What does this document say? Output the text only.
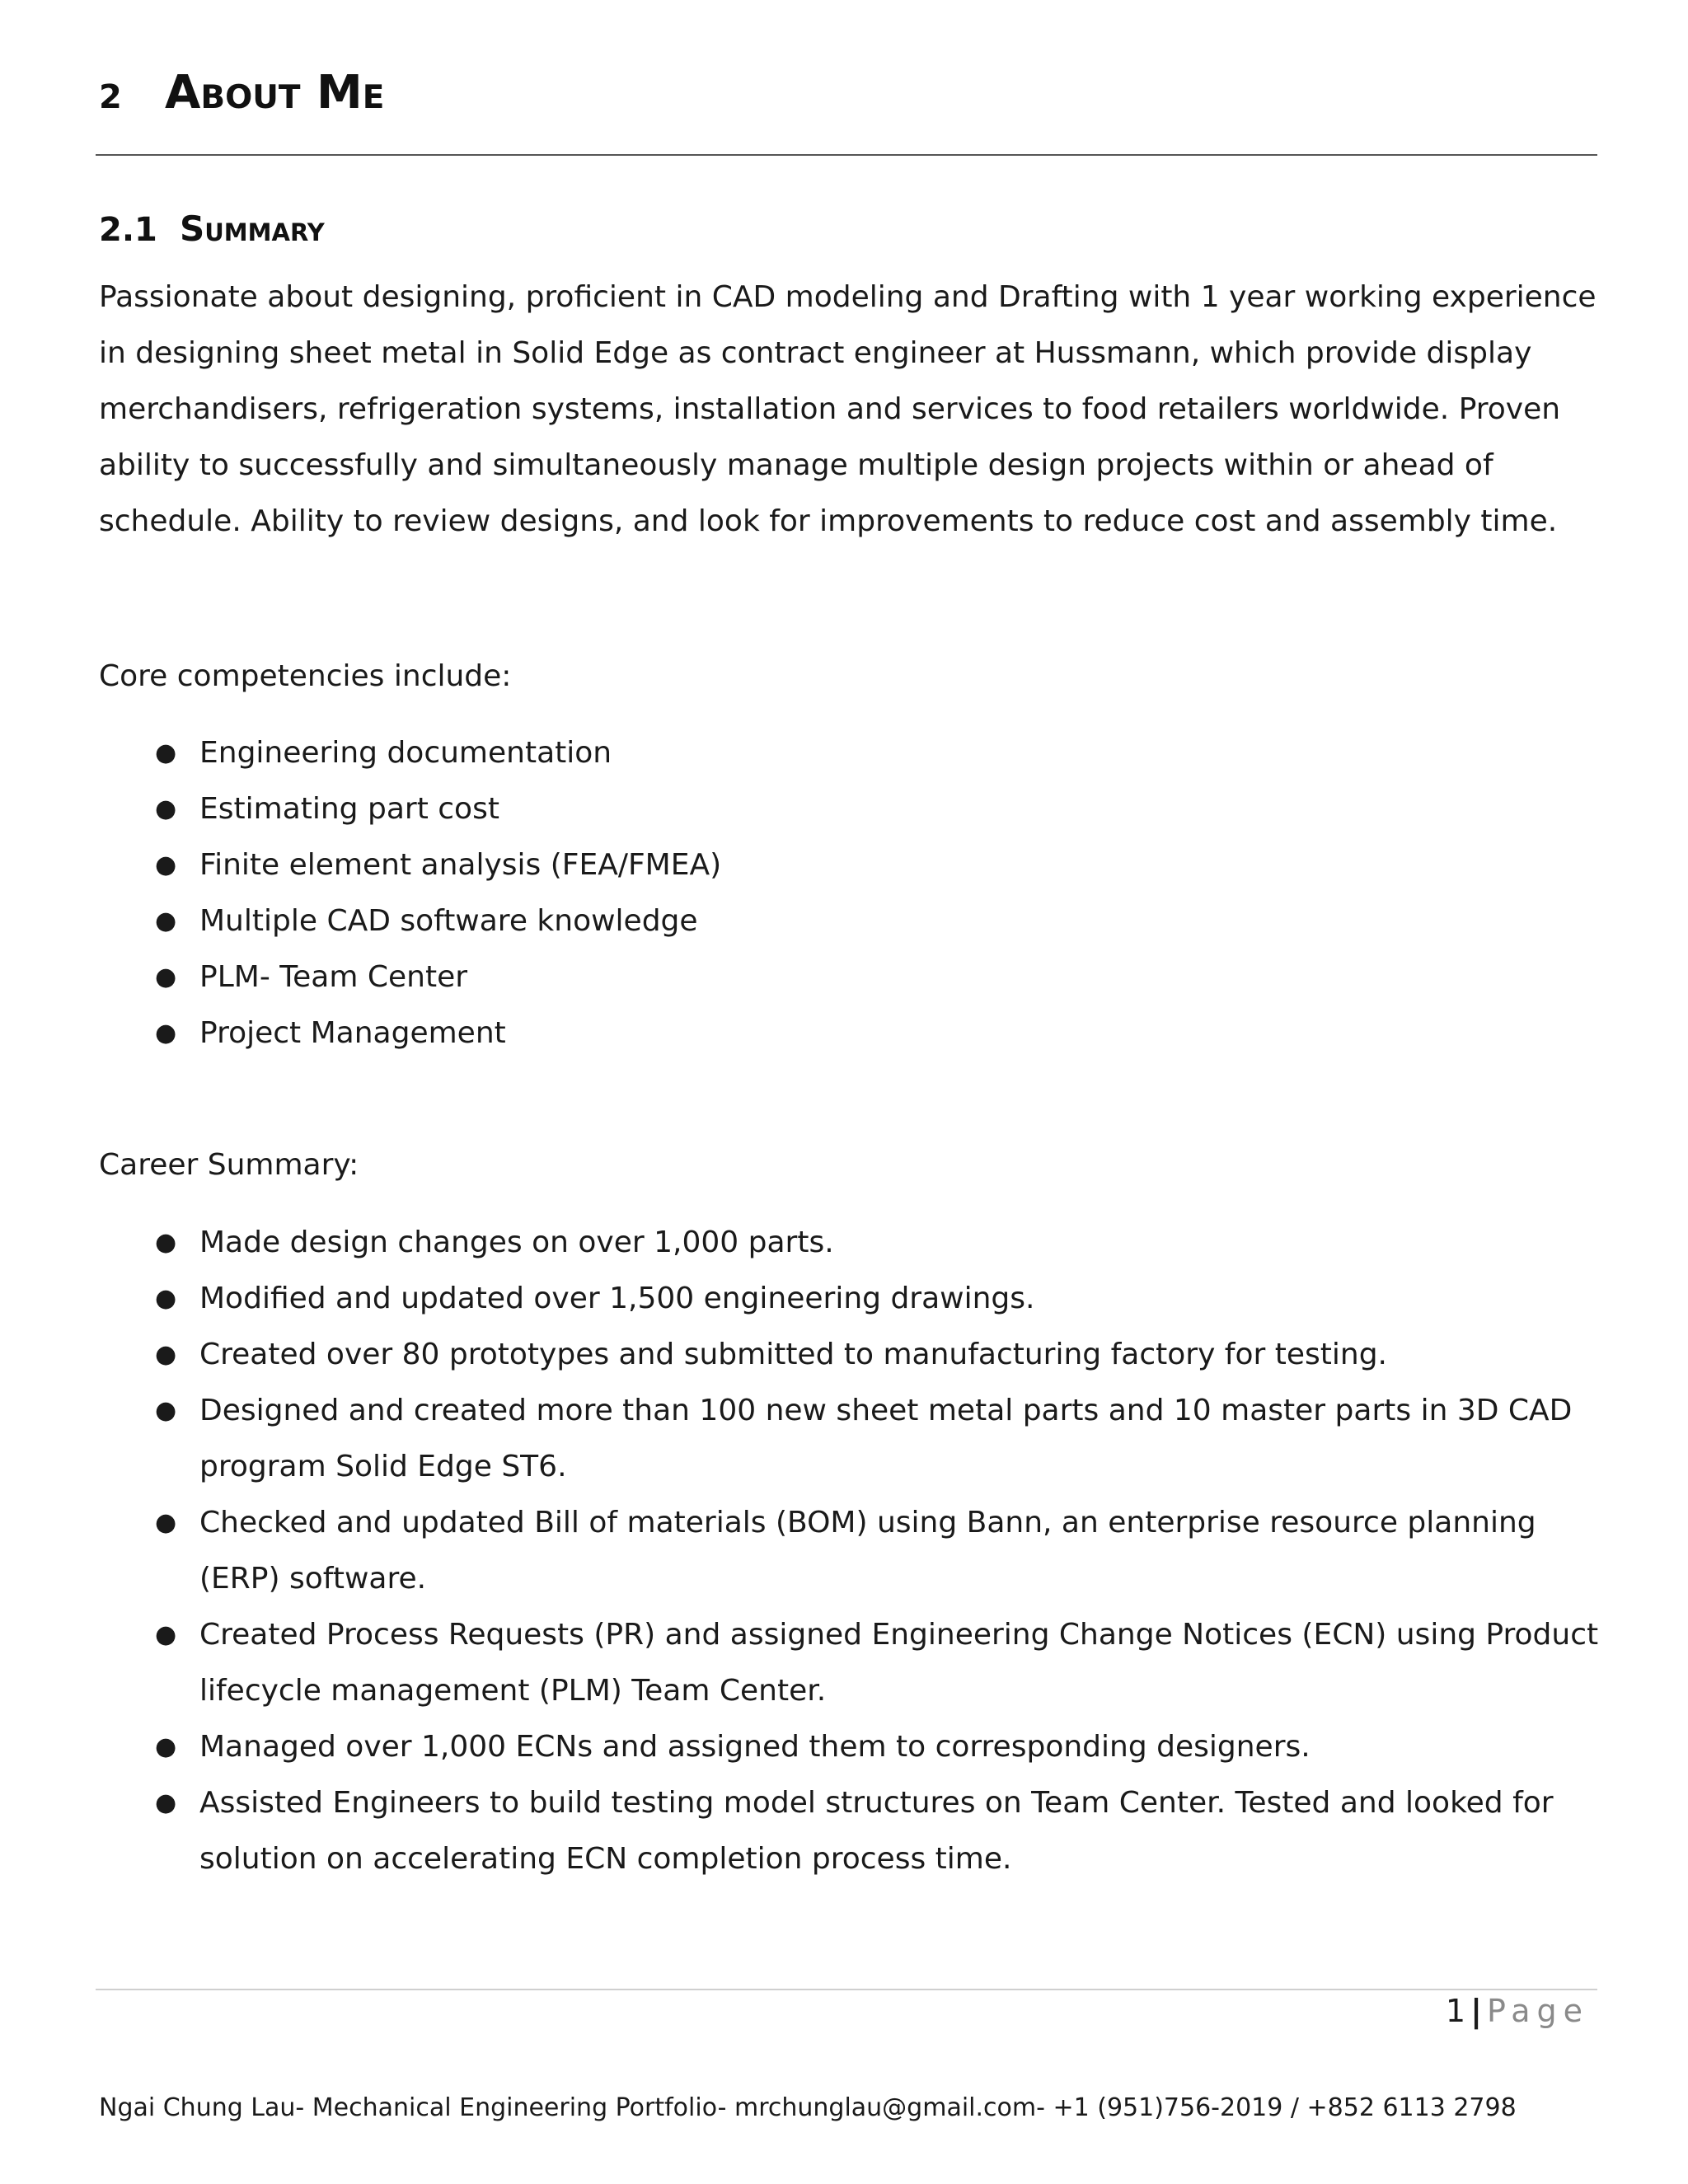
2 About Me
2.1 Summary
Passionate about designing, proficient in CAD modeling and Drafting with 1 year working experience
in designing sheet metal in Solid Edge as contract engineer at Hussmann, which provide display
merchandisers, refrigeration systems, installation and services to food retailers worldwide. Proven
ability to successfully and simultaneously manage multiple design projects within or ahead of
schedule. Ability to review designs, and look for improvements to reduce cost and assembly time.
Core competencies include:
● Engineering documentation
● Estimating part cost
● Finite element analysis (FEA/FMEA)
● Multiple CAD software knowledge
● PLM- Team Center
● Project Management
Career Summary:
● Made design changes on over 1,000 parts.
● Modified and updated over 1,500 engineering drawings.
● Created over 80 prototypes and submitted to manufacturing factory for testing.
● Designed and created more than 100 new sheet metal parts and 10 master parts in 3D CAD
program Solid Edge ST6.
● Checked and updated Bill of materials (BOM) using Bann, an enterprise resource planning
(ERP) software.
● Created Process Requests (PR) and assigned Engineering Change Notices (ECN) using Product
lifecycle management (PLM) Team Center.
● Managed over 1,000 ECNs and assigned them to corresponding designers.
● Assisted Engineers to build testing model structures on Team Center. Tested and looked for
solution on accelerating ECN completion process time.
1 | Page
Ngai Chung Lau- Mechanical Engineering Portfolio- mrchunglau@gmail.com- +1 (951)756-2019 / +852 6113 2798
